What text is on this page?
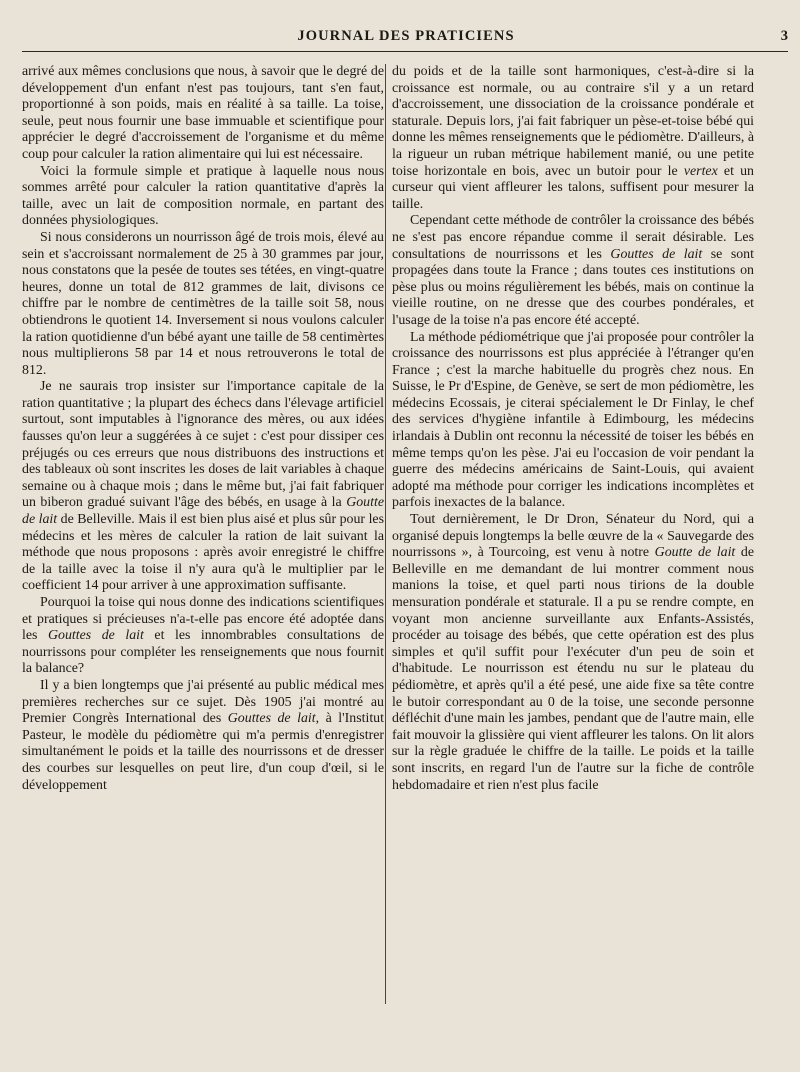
JOURNAL DES PRATICIENS	3

arrivé aux mêmes conclusions que nous, à savoir que le degré de développement d'un enfant n'est pas toujours, tant s'en faut, proportionné à son poids, mais en réalité à sa taille. La toise, seule, peut nous fournir une base immuable et scientifique pour apprécier le degré d'accroissement de l'organisme et du même coup pour calculer la ration alimentaire qui lui est nécessaire.

Voici la formule simple et pratique à laquelle nous nous sommes arrêté pour calculer la ration quantitative d'après la taille, avec un lait de composition normale, en partant des données physiologiques.

Si nous considerons un nourrisson âgé de trois mois, élevé au sein et s'accroissant normalement de 25 à 30 grammes par jour, nous constatons que la pesée de toutes ses tétées, en vingt-quatre heures, donne un total de 812 grammes de lait, divisons ce chiffre par le nombre de centimètres de la taille soit 58, nous obtiendrons le quotient 14. Inversement si nous voulons calculer la ration quotidienne d'un bébé ayant une taille de 58 centimèrtes nous multiplierons 58 par 14 et nous retrouverons le total de 812.

Je ne saurais trop insister sur l'importance capitale de la ration quantitative ; la plupart des échecs dans l'élevage artificiel surtout, sont imputables à l'ignorance des mères, ou aux idées fausses qu'on leur a suggérées à ce sujet : c'est pour dissiper ces préjugés ou ces erreurs que nous distribuons des instructions et des tableaux où sont inscrites les doses de lait variables à chaque semaine ou à chaque mois ; dans le même but, j'ai fait fabriquer un biberon gradué suivant l'âge des bébés, en usage à la Goutte de lait de Belleville. Mais il est bien plus aisé et plus sûr pour les médecins et les mères de calculer la ration de lait suivant la méthode que nous proposons : après avoir enregistré le chiffre de la taille avec la toise il n'y aura qu'à le multiplier par le coefficient 14 pour arriver à une approximation suffisante.

Pourquoi la toise qui nous donne des indications scientifiques et pratiques si précieuses n'a-t-elle pas encore été adoptée dans les Gouttes de lait et les innombrables consultations de nourrissons pour compléter les renseignements que nous fournit la balance?

Il y a bien longtemps que j'ai présenté au public médical mes premières recherches sur ce sujet. Dès 1905 j'ai montré au Premier Congrès International des Gouttes de lait, à l'Institut Pasteur, le modèle du pédiomètre qui m'a permis d'enregistrer simultanément le poids et la taille des nourrissons et de dresser des courbes sur lesquelles on peut lire, d'un coup d'œil, si le développement

du poids et de la taille sont harmoniques, c'est-à-dire si la croissance est normale, ou au contraire s'il y a un retard d'accroissement, une dissociation de la croissance pondérale et staturale. Depuis lors, j'ai fait fabriquer un pèse-et-toise bébé qui donne les mêmes renseignements que le pédiomètre. D'ailleurs, à la rigueur un ruban métrique habilement manié, ou une petite toise horizontale en bois, avec un butoir pour le vertex et un curseur qui vient affleurer les talons, suffisent pour mesurer la taille.

Cependant cette méthode de contrôler la croissance des bébés ne s'est pas encore répandue comme il serait désirable. Les consultations de nourrissons et les Gouttes de lait se sont propagées dans toute la France ; dans toutes ces institutions on pèse plus ou moins régulièrement les bébés, mais on continue la vieille routine, on ne dresse que des courbes pondérales, et l'usage de la toise n'a pas encore été accepté.

La méthode pédiométrique que j'ai proposée pour contrôler la croissance des nourrissons est plus appréciée à l'étranger qu'en France ; c'est la marche habituelle du progrès chez nous. En Suisse, le Pr d'Espine, de Genève, se sert de mon pédiomètre, les médecins Ecossais, je citerai spécialement le Dr Finlay, le chef des services d'hygiène infantile à Edimbourg, les médecins irlandais à Dublin ont reconnu la nécessité de toiser les bébés en même temps qu'on les pèse. J'ai eu l'occasion de voir pendant la guerre des médecins américains de Saint-Louis, qui avaient adopté ma méthode pour corriger les indications incomplètes et parfois inexactes de la balance.

Tout dernièrement, le Dr Dron, Sénateur du Nord, qui a organisé depuis longtemps la belle œuvre de la « Sauvegarde des nourrissons », à Tourcoing, est venu à notre Goutte de lait de Belleville en me demandant de lui montrer comment nous manions la toise, et quel parti nous tirions de la double mensuration pondérale et staturale. Il a pu se rendre compte, en voyant mon ancienne surveillante aux Enfants-Assistés, procéder au toisage des bébés, que cette opération est des plus simples et qu'il suffit pour l'exécuter d'un peu de soin et d'habitude. Le nourrisson est étendu nu sur le plateau du pédiomètre, et après qu'il a été pesé, une aide fixe sa tête contre le butoir correspondant au 0 de la toise, une seconde personne défléchit d'une main les jambes, pendant que de l'autre main, elle fait mouvoir la glissière qui vient affleurer les talons. On lit alors sur la règle graduée le chiffre de la taille. Le poids et la taille sont inscrits, en regard l'un de l'autre sur la fiche de contrôle hebdomadaire et rien n'est plus facile
